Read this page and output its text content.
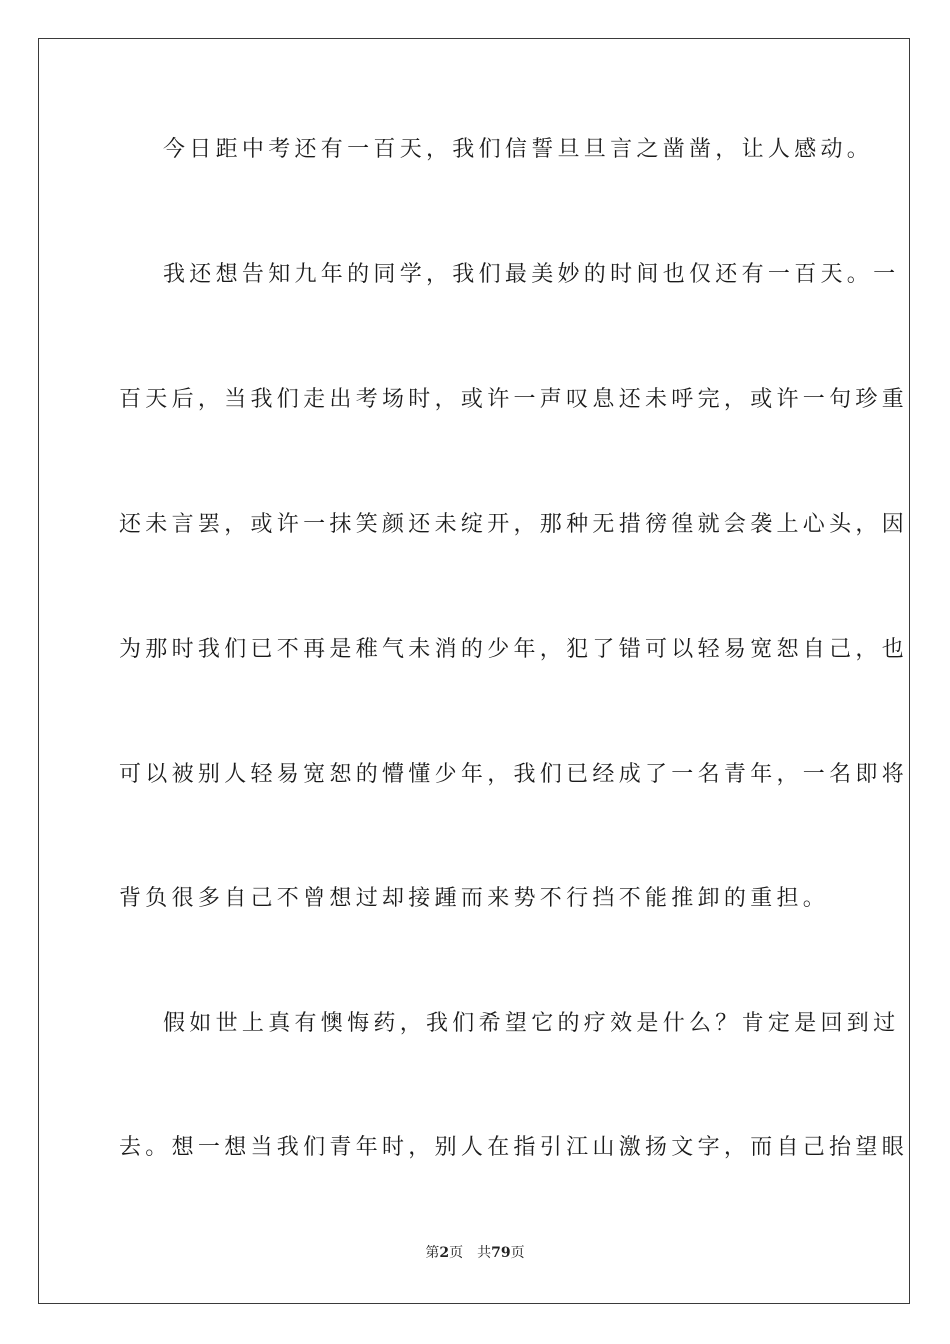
今日距中考还有一百天，我们信誓旦旦言之凿凿，让人感动。
我还想告知九年的同学，我们最美妙的时间也仅还有一百天。一
百天后，当我们走出考场时，或许一声叹息还未呼完，或许一句珍重
还未言罢，或许一抹笑颜还未绽开，那种无措徬徨就会袭上心头，因
为那时我们已不再是稚气未消的少年，犯了错可以轻易宽恕自己，也
可以被别人轻易宽恕的懵懂少年，我们已经成了一名青年，一名即将
背负很多自己不曾想过却接踵而来势不行挡不能推卸的重担。
假如世上真有懊悔药，我们希望它的疗效是什么？肯定是回到过
去。想一想当我们青年时，别人在指引江山激扬文字，而自己抬望眼
第2页 共79页
